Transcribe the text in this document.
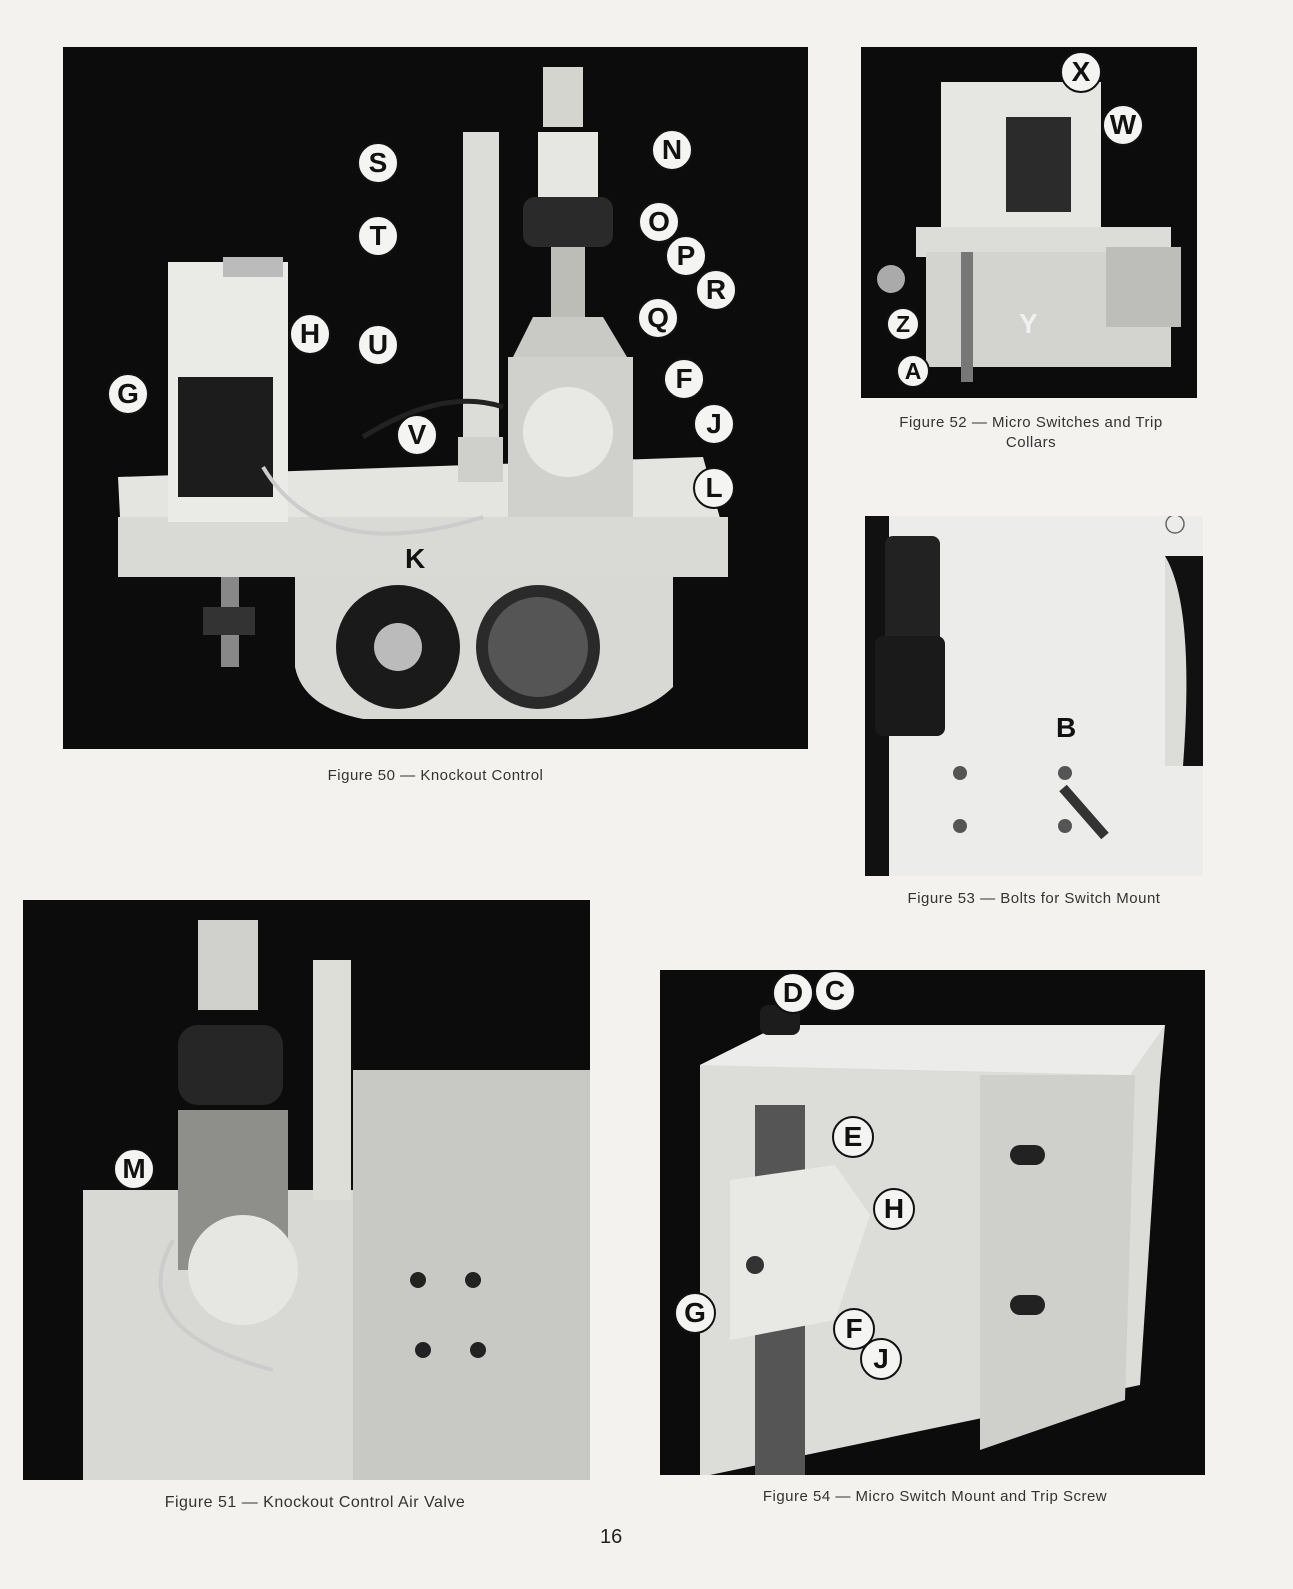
S	N
T	O
P
R
Q
H	U
G	F
V	J
L
K
Figure 50 — Knockout Control
X
W
Z	Y
A
Figure 52 — Micro Switches and Trip
Collars
B
Figure 53 — Bolts for Switch Mount
M
Figure 51 — Knockout Control Air Valve
D C
E
H
G
F
J
Figure 54 — Micro Switch Mount and Trip Screw
16
